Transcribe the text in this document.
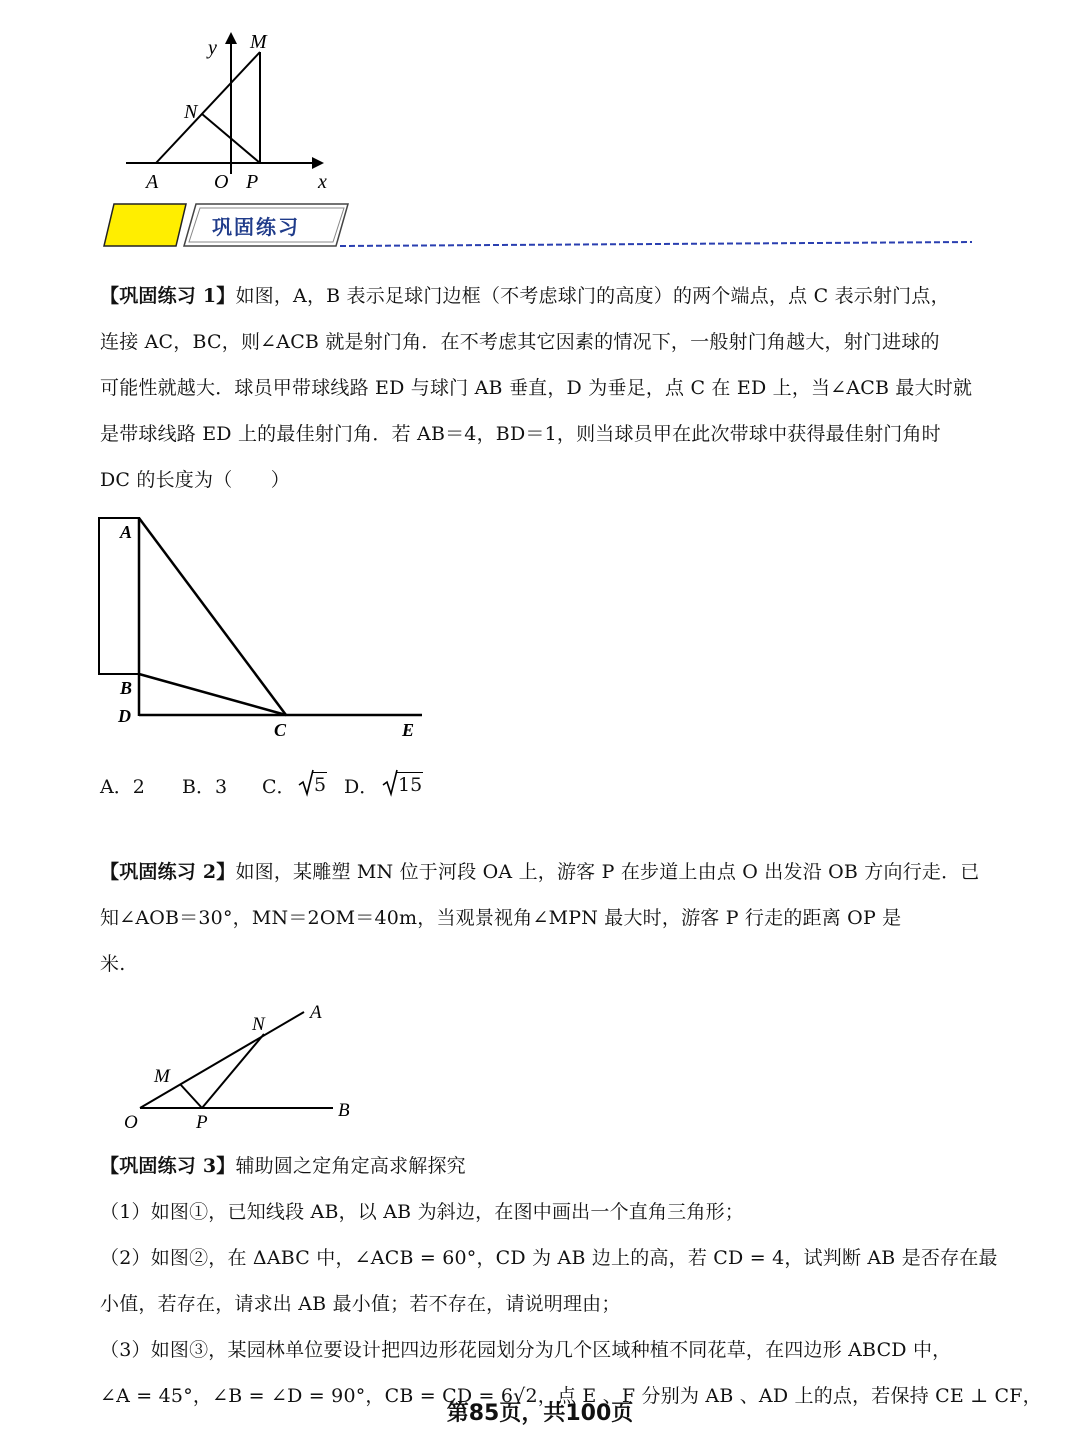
y M
N
A	O P	x
巩固练习
【巩固练习 1】如图，A，B 表示足球门边框（不考虑球门的高度）的两个端点，点 C 表示射门点，
连接 AC，BC，则∠ACB 就是射门角．在不考虑其它因素的情况下，一般射门角越大，射门进球的
可能性就越大．球员甲带球线路 ED 与球门 AB 垂直，D 为垂足，点 C 在 ED 上，当∠ACB 最大时就
是带球线路 ED 上的最佳射门角．若 AB＝4，BD＝1，则当球员甲在此次带球中获得最佳射门角时
DC 的长度为（　　）
A
B
D
C	E
A．2 B．3 C． 5 D． 15
【巩固练习 2】如图，某雕塑 MN 位于河段 OA 上，游客 P 在步道上由点 O 出发沿 OB 方向行走．已
知∠AOB＝30°，MN＝2OM＝40m，当观景视角∠MPN 最大时，游客 P 行走的距离 OP 是
米.
N
A
M
O	P
B
【巩固练习 3】辅助圆之定角定高求解探究
（1）如图①，已知线段 AB，以 AB 为斜边，在图中画出一个直角三角形；
（2）如图②，在 ΔABC 中，∠ACB = 60°，CD 为 AB 边上的高，若 CD = 4，试判断 AB 是否存在最
小值，若存在，请求出 AB 最小值；若不存在，请说明理由；
（3）如图③，某园林单位要设计把四边形花园划分为几个区域种植不同花草，在四边形 ABCD 中，
∠A = 45°，∠B = ∠D = 90°，CB = CD = 6√2，点 E 、F 分别为 AB 、AD 上的点，若保持 CE ⊥ CF，
第85页，共100页
